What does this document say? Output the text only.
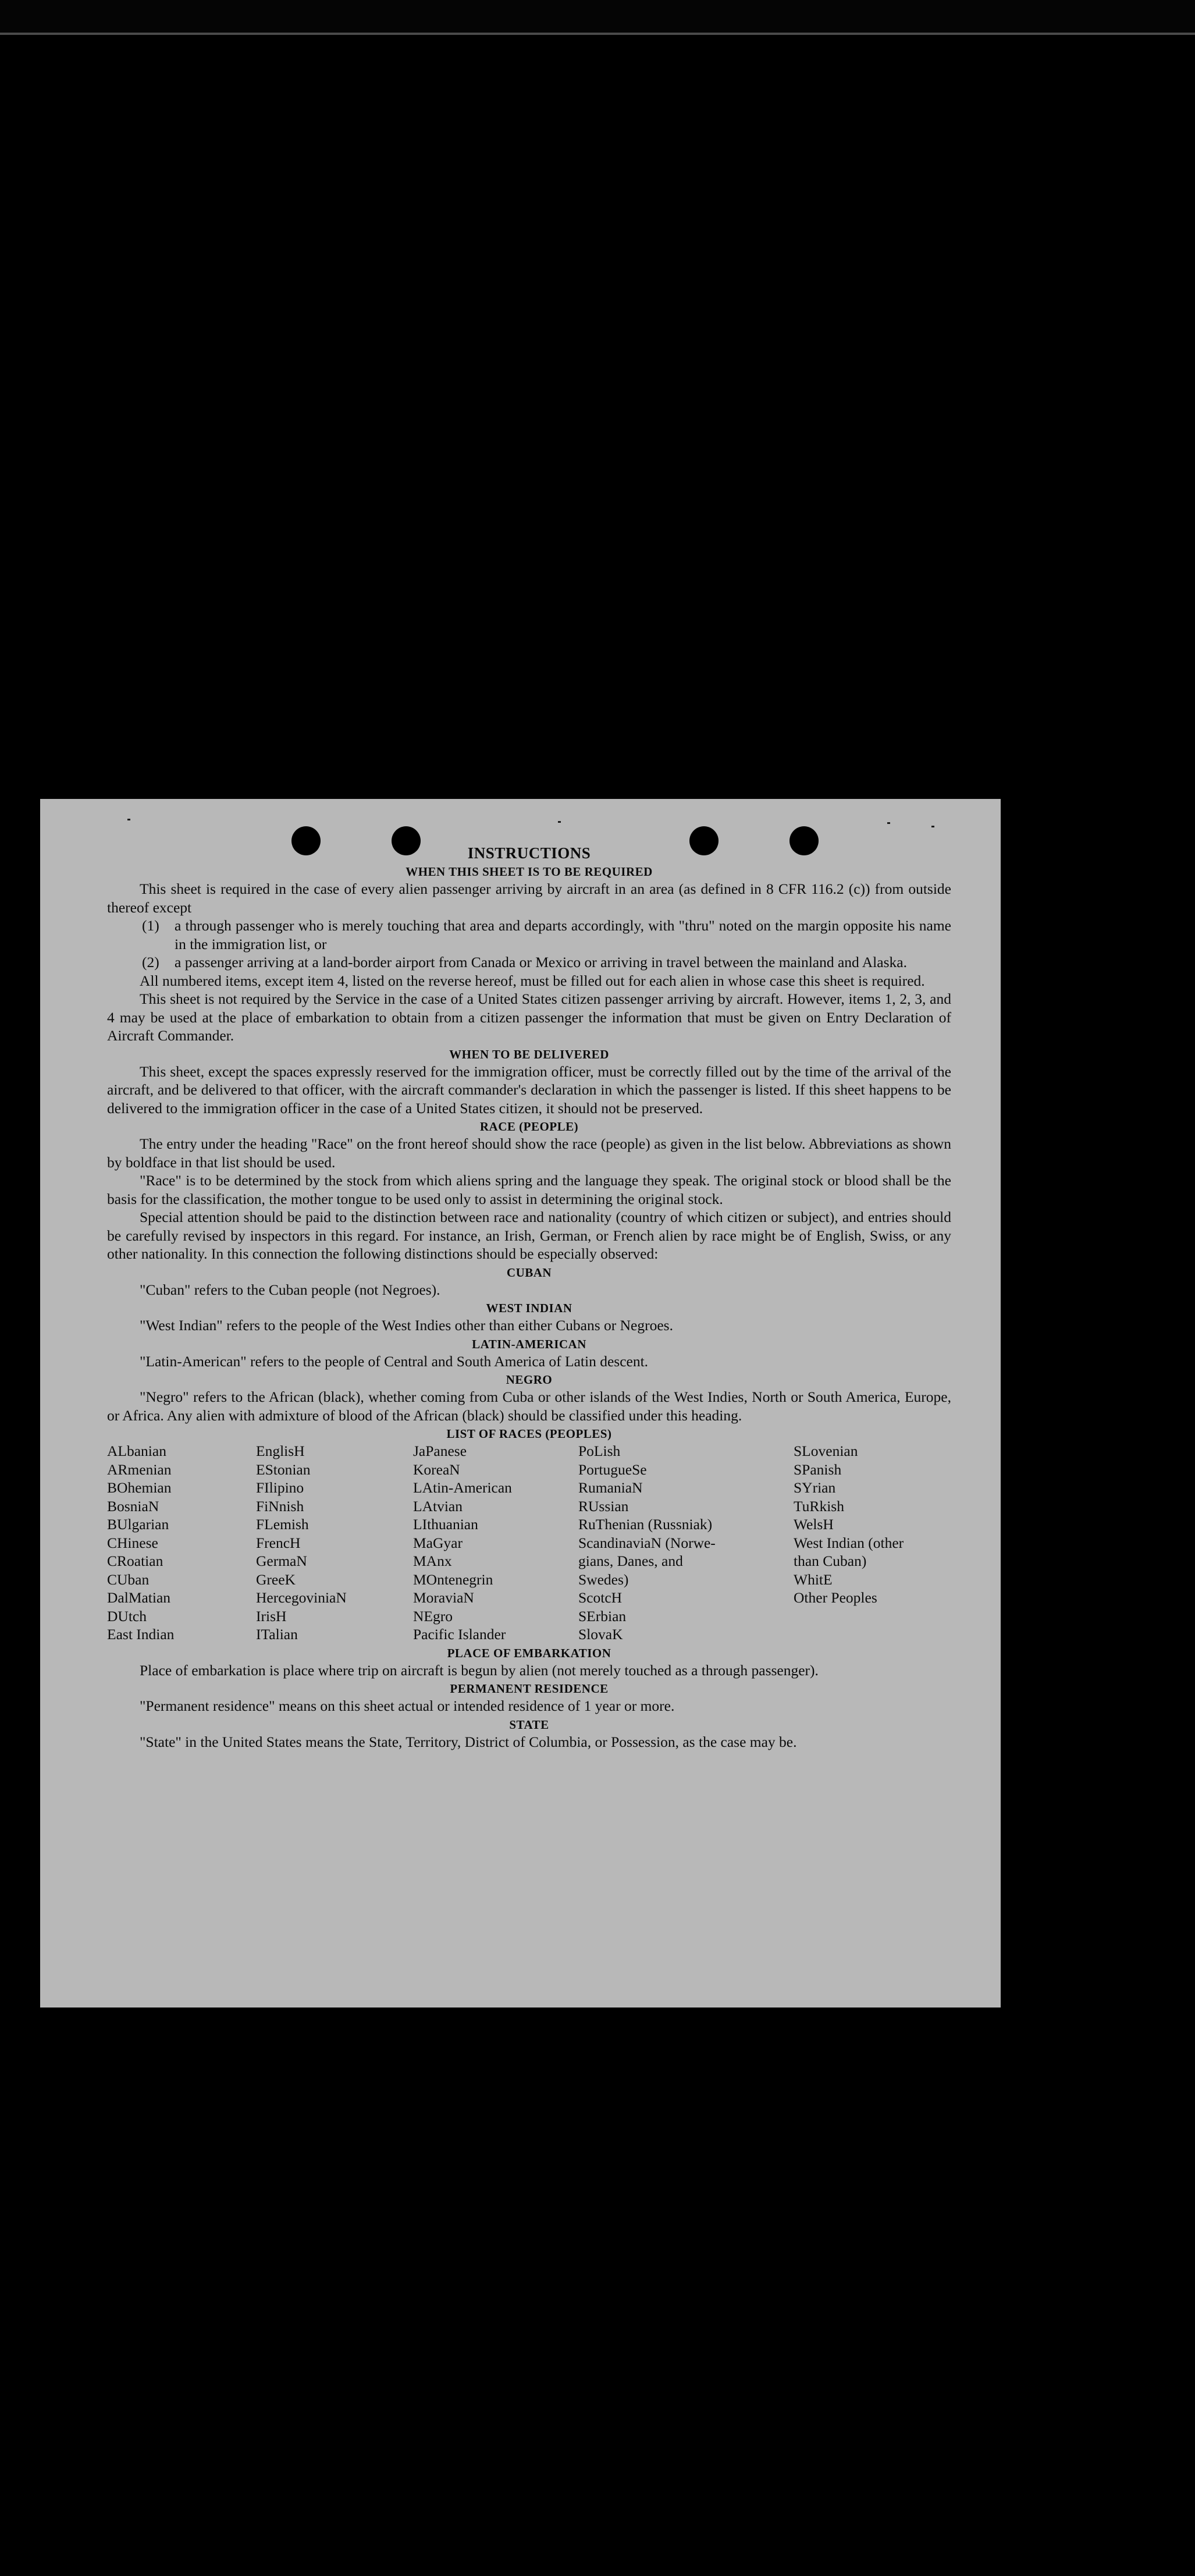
INSTRUCTIONS
WHEN THIS SHEET IS TO BE REQUIRED

This sheet is required in the case of every alien passenger arriving by aircraft in an area (as defined in 8 CFR 116.2 (c)) from outside thereof except

(1)	a through passenger who is merely touching that area and departs accordingly, with "thru" noted on the margin opposite his name in the immigration list, or
(2)	a passenger arriving at a land-border airport from Canada or Mexico or arriving in travel between the mainland and Alaska.

All numbered items, except item 4, listed on the reverse hereof, must be filled out for each alien in whose case this sheet is required.

This sheet is not required by the Service in the case of a United States citizen passenger arriving by aircraft. However, items 1, 2, 3, and 4 may be used at the place of embarkation to obtain from a citizen passenger the information that must be given on Entry Declaration of Aircraft Commander.

WHEN TO BE DELIVERED

This sheet, except the spaces expressly reserved for the immigration officer, must be correctly filled out by the time of the arrival of the aircraft, and be delivered to that officer, with the aircraft commander's declaration in which the passenger is listed. If this sheet happens to be delivered to the immigration officer in the case of a United States citizen, it should not be preserved.

RACE (PEOPLE)

The entry under the heading "Race" on the front hereof should show the race (people) as given in the list below. Abbreviations as shown by boldface in that list should be used.

"Race" is to be determined by the stock from which aliens spring and the language they speak. The original stock or blood shall be the basis for the classification, the mother tongue to be used only to assist in determining the original stock.

Special attention should be paid to the distinction between race and nationality (country of which citizen or subject), and entries should be carefully revised by inspectors in this regard. For instance, an Irish, German, or French alien by race might be of English, Swiss, or any other nationality. In this connection the following distinctions should be especially observed:

CUBAN

"Cuban" refers to the Cuban people (not Negroes).

WEST INDIAN

"West Indian" refers to the people of the West Indies other than either Cubans or Negroes.

LATIN-AMERICAN

"Latin-American" refers to the people of Central and South America of Latin descent.

NEGRO

"Negro" refers to the African (black), whether coming from Cuba or other islands of the West Indies, North or South America, Europe, or Africa. Any alien with admixture of blood of the African (black) should be classified under this heading.

LIST OF RACES (PEOPLES)
ALbanian
ARmenian
BOhemian
BosniaN
BUlgarian
CHinese
CRoatian
CUban
DalMatian
DUtch
East Indian
EnglisH
EStonian
FIlipino
FiNnish
FLemish
FrencH
GermaN
GreeK
HercegoviniaN
IrisH
ITalian
JaPanese
KoreaN
LAtin-American
LAtvian
LIthuanian
MaGyar
MAnx
MOntenegrin
MoraviaN
NEgro
Pacific Islander
PoLish
PortugueSe
RumaniaN
RUssian
RuThenian (Russniak)
ScandinaviaN (Norwe-
gians, Danes, and
Swedes)
ScotcH
SErbian
SlovaK
SLovenian
SPanish
SYrian
TuRkish
WelsH
West Indian (other
than Cuban)
WhitE
Other Peoples
PLACE OF EMBARKATION

Place of embarkation is place where trip on aircraft is begun by alien (not merely touched as a through passenger).

PERMANENT RESIDENCE

"Permanent residence" means on this sheet actual or intended residence of 1 year or more.

STATE

"State" in the United States means the State, Territory, District of Columbia, or Possession, as the case may be.
